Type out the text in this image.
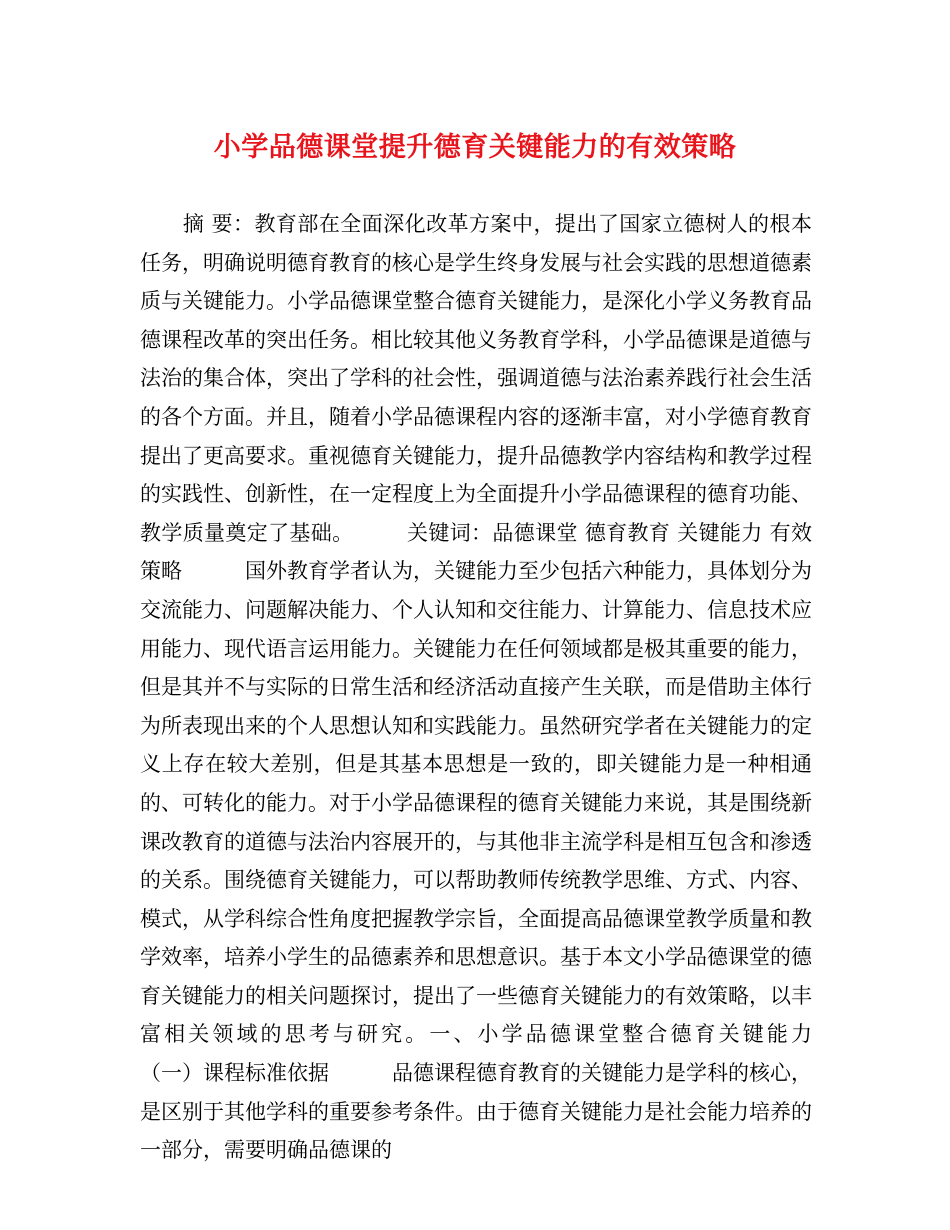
小学品德课堂提升德育关键能力的有效策略

　　摘 要：教育部在全面深化改革方案中，提出了国家立德树人的根本任务，明确说明德育教育的核心是学生终身发展与社会实践的思想道德素质与关键能力。小学品德课堂整合德育关键能力，是深化小学义务教育品德课程改革的突出任务。相比较其他义务教育学科，小学品德课是道德与法治的集合体，突出了学科的社会性，强调道德与法治素养践行社会生活的各个方面。并且，随着小学品德课程内容的逐渐丰富，对小学德育教育提出了更高要求。重视德育关键能力，提升品德教学内容结构和教学过程的实践性、创新性，在一定程度上为全面提升小学品德课程的德育功能、教学质量奠定了基础。　　　关键词：品德课堂 德育教育 关键能力 有效策略　　　国外教育学者认为，关键能力至少包括六种能力，具体划分为交流能力、问题解决能力、个人认知和交往能力、计算能力、信息技术应用能力、现代语言运用能力。关键能力在任何领域都是极其重要的能力，但是其并不与实际的日常生活和经济活动直接产生关联，而是借助主体行为所表现出来的个人思想认知和实践能力。虽然研究学者在关键能力的定义上存在较大差别，但是其基本思想是一致的，即关键能力是一种相通的、可转化的能力。对于小学品德课程的德育关键能力来说，其是围绕新课改教育的道德与法治内容展开的，与其他非主流学科是相互包含和渗透的关系。围绕德育关键能力，可以帮助教师传统教学思维、方式、内容、模式，从学科综合性角度把握教学宗旨，全面提高品德课堂教学质量和教学效率，培养小学生的品德素养和思想意识。基于本文小学品德课堂的德育关键能力的相关问题探讨，提出了一些德育关键能力的有效策略，以丰富相关领域的思考与研究。一、小学品德课堂整合德育关键能力　　　（一）课程标准依据　　　品德课程德育教育的关键能力是学科的核心，是区别于其他学科的重要参考条件。由于德育关键能力是社会能力培养的一部分，需要明确品德课的
